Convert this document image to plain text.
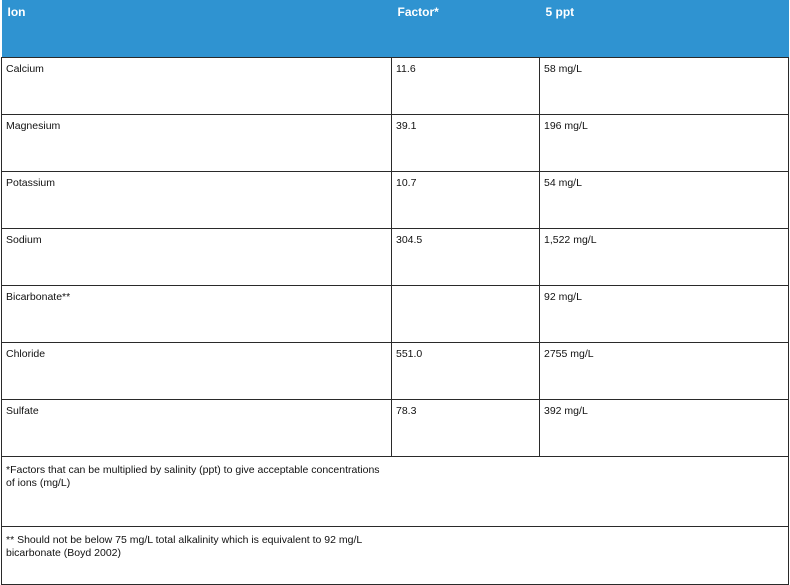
Ion	Factor*	5 ppt
Calcium	11.6	58 mg/L
Magnesium	39.1	196 mg/L
Potassium	10.7	54 mg/L
Sodium	304.5	1,522 mg/L
Bicarbonate**		92 mg/L
Chloride	551.0	2755 mg/L
Sulfate	78.3	392 mg/L

*Factors that can be multiplied by salinity (ppt) to give acceptable concentrations of ions (mg/L)		

** Should not be below 75 mg/L total alkalinity which is equivalent to 92 mg/L bicarbonate (Boyd 2002)		
